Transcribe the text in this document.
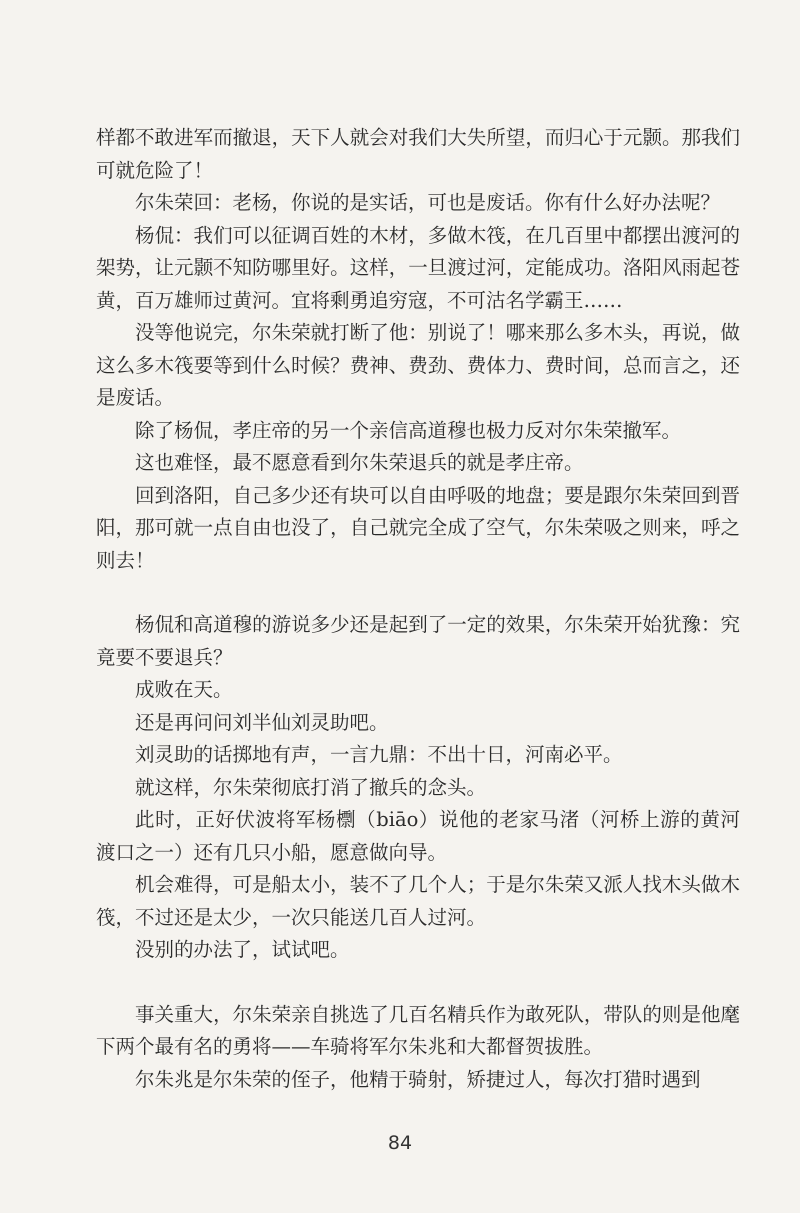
样都不敢进军而撤退，天下人就会对我们大失所望，而归心于元颢。那我们可就危险了！

尔朱荣回：老杨，你说的是实话，可也是废话。你有什么好办法呢？

杨侃：我们可以征调百姓的木材，多做木筏，在几百里中都摆出渡河的架势，让元颢不知防哪里好。这样，一旦渡过河，定能成功。洛阳风雨起苍黄，百万雄师过黄河。宜将剩勇追穷寇，不可沽名学霸王……

没等他说完，尔朱荣就打断了他：别说了！哪来那么多木头，再说，做这么多木筏要等到什么时候？费神、费劲、费体力、费时间，总而言之，还是废话。

除了杨侃，孝庄帝的另一个亲信高道穆也极力反对尔朱荣撤军。

这也难怪，最不愿意看到尔朱荣退兵的就是孝庄帝。

回到洛阳，自己多少还有块可以自由呼吸的地盘；要是跟尔朱荣回到晋阳，那可就一点自由也没了，自己就完全成了空气，尔朱荣吸之则来，呼之则去！

杨侃和高道穆的游说多少还是起到了一定的效果，尔朱荣开始犹豫：究竟要不要退兵？

成败在天。

还是再问问刘半仙刘灵助吧。

刘灵助的话掷地有声，一言九鼎：不出十日，河南必平。

就这样，尔朱荣彻底打消了撤兵的念头。

此时，正好伏波将军杨檦（biāo）说他的老家马渚（河桥上游的黄河渡口之一）还有几只小船，愿意做向导。

机会难得，可是船太小，装不了几个人；于是尔朱荣又派人找木头做木筏，不过还是太少，一次只能送几百人过河。

没别的办法了，试试吧。

事关重大，尔朱荣亲自挑选了几百名精兵作为敢死队，带队的则是他麾下两个最有名的勇将——车骑将军尔朱兆和大都督贺拔胜。

尔朱兆是尔朱荣的侄子，他精于骑射，矫捷过人，每次打猎时遇到

84
